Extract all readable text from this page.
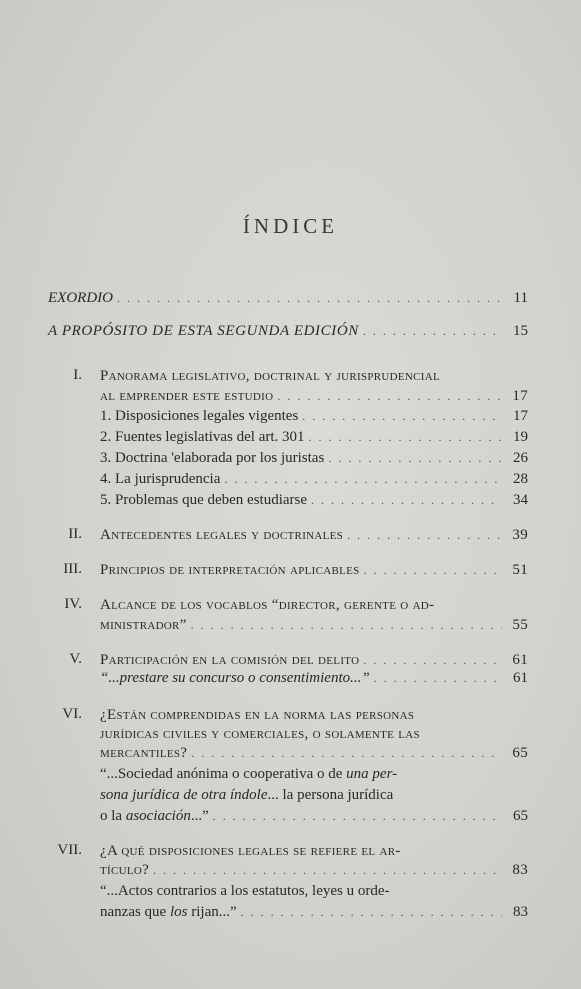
ÍNDICE
EXORDIO . . .	11
A PROPÓSITO DE ESTA SEGUNDA EDICIÓN . . .	15
I. Panorama legislativo, doctrinal y jurisprudencial
al emprender este estudio . . .	17
1. Disposiciones legales vigentes . . .	17
2. Fuentes legislativas del art. 301 . . .	19
3. Doctrina 'elaborada por los juristas . . .	26
4. La jurisprudencia . . .	28
5. Problemas que deben estudiarse . . .	34
II. Antecedentes legales y doctrinales . . .	39
III. Principios de interpretación aplicables . . .	51
IV. Alcance de los vocablos “director, gerente o ad-
ministrador” . . .	55
V. Participación en la comisión del delito . . .	61
“...prestare su concurso o consentimiento...” . . .	61
VI. ¿Están comprendidas en la norma las personas
jurídicas civiles y comerciales, o solamente las
mercantiles? . . .	65
“...Sociedad anónima o cooperativa o de una per-
sona jurídica de otra índole... la persona jurídica
o la asociación...” . . .	65
VII. ¿A qué disposiciones legales se refiere el ar-
tículo? . . .	83
“...Actos contrarios a los estatutos, leyes u orde-
nanzas que los rijan...” . . .	83
